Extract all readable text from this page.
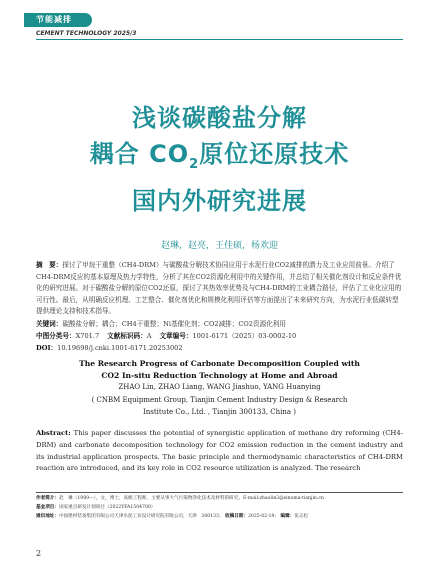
节能减排
CEMENT TECHNOLOGY 2025/3
浅谈碳酸盐分解
耦合 $CO_2$原位还原技术
国内外研究进展
赵琳，赵亮，王佳硕，杨欢迎
摘　要：探讨了甲烷干重整（CH4-DRM）与碳酸盐分解技术协同应用于水泥行业CO2减排的潜力及工业应用前景。介绍了CH4-DRM反应的基本原理及热力学特性，分析了其在CO2资源化利用中的关键作用，并总结了相关催化剂设计和反应条件优化的研究进展。对于碳酸盐分解的原位CO2还原，探讨了其热效率优势及与CH4-DRM的工业耦合路径，评估了工业化应用的可行性。最后，从明确反应机理、工艺整合、催化剂优化和规模化利用评估等方面提出了未来研究方向，为水泥行业低碳转型提供理论支持和技术指导。
关键词：碳酸盐分解；耦合；CH4干重整；Ni基催化剂；CO2减排；CO2资源化利用
中图分类号：X701.7 文献标识码：A 文章编号：1001-6171（2025）03-0002-10
DOI：10.19698/j.cnki.1001-6171.20253002
The Research Progress of Carbonate Decomposition Coupled with
CO2 In-situ Reduction Technology at Home and Abroad
ZHAO Lin, ZHAO Liang, WANG Jiashuo, YANG Huanying
( CNBM Equipment Group, Tianjin Cement Industry Design & Research
Institute Co., Ltd. , Tianjin 300133, China )
Abstract: This paper discusses the potential of synergistic application of methane dry reforming (CH4-DRM) and carbonate decomposition technology for CO2 emission reduction in the cement industry and its industrial application prospects. The basic principle and thermodynamic characteristics of CH4-DRM reaction are introduced, and its key role in CO2 resource utilization is analyzed. The research
作者简介：赵　琳（1989—），女，博士，高级工程师，主要从事大气污染物净化技术及材料的研究。E-mail:zhaolin3@sinoma-tianjin.cn
基金项目：国家重点研发计划项目（2022YFA1504700）
通讯地址：中国建材装备集团有限公司天津水泥工业设计研究院有限公司，天津　300133； 收稿日期：2025-02-19； 编辑：张志松
2
